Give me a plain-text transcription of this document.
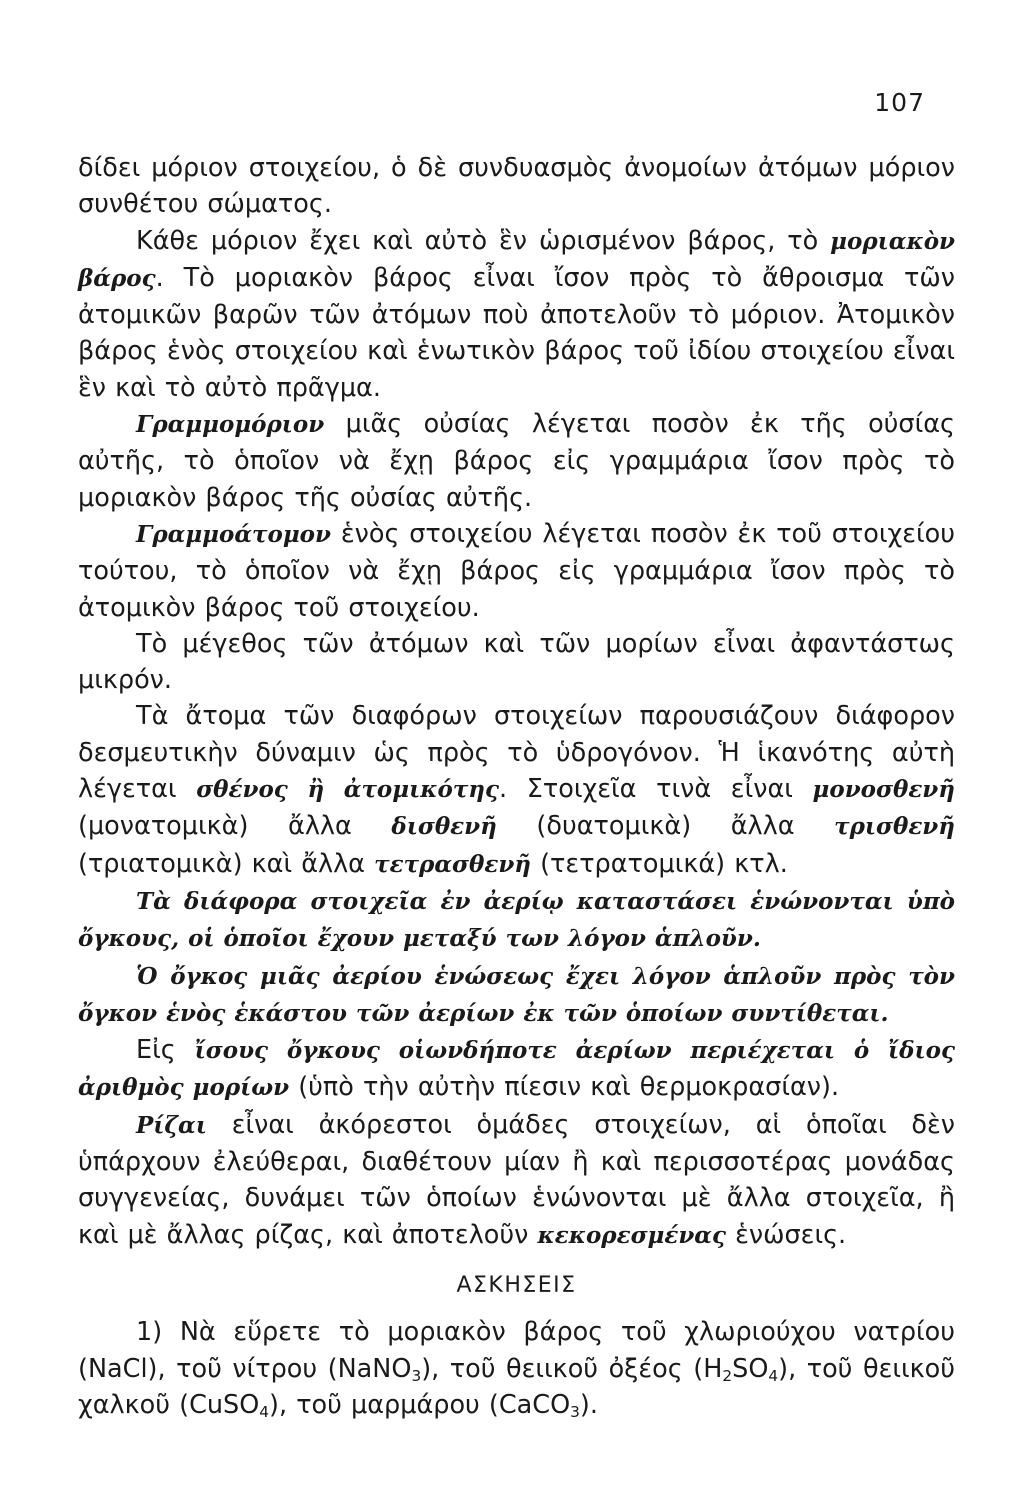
107

δίδει μόριον στοιχείου, ὁ δὲ συνδυασμὸς ἀνομοίων ἀτόμων μόριον συνθέτου σώματος.

Κάθε μόριον ἔχει καὶ αὐτὸ ἓν ὡρισμένον βάρος, τὸ μοριακὸν βάρος. Τὸ μοριακὸν βάρος εἶναι ἴσον πρὸς τὸ ἄθροισμα τῶν ἀτομικῶν βαρῶν τῶν ἀτόμων ποὺ ἀποτελοῦν τὸ μόριον. Ἀτομικὸν βάρος ἑνὸς στοιχείου καὶ ἑνωτικὸν βάρος τοῦ ἰδίου στοιχείου εἶναι ἓν καὶ τὸ αὐτὸ πρᾶγμα.

Γραμμομόριον μιᾶς οὐσίας λέγεται ποσὸν ἐκ τῆς οὐσίας αὐτῆς, τὸ ὁποῖον νὰ ἔχῃ βάρος εἰς γραμμάρια ἴσον πρὸς τὸ μοριακὸν βάρος τῆς οὐσίας αὐτῆς.

Γραμμοάτομον ἑνὸς στοιχείου λέγεται ποσὸν ἐκ τοῦ στοιχείου τούτου, τὸ ὁποῖον νὰ ἔχῃ βάρος εἰς γραμμάρια ἴσον πρὸς τὸ ἀτομικὸν βάρος τοῦ στοιχείου.

Τὸ μέγεθος τῶν ἀτόμων καὶ τῶν μορίων εἶναι ἀφαντάστως μικρόν.

Τὰ ἄτομα τῶν διαφόρων στοιχείων παρουσιάζουν διάφορον δεσμευτικὴν δύναμιν ὡς πρὸς τὸ ὑδρογόνον. Ἡ ἱκανότης αὐτὴ λέγεται σθένος ἢ ἀτομικότης. Στοιχεῖα τινὰ εἶναι μονοσθενῆ (μονατομικὰ) ἄλλα δισθενῆ (δυατομικὰ) ἄλλα τρισθενῆ (τριατομικὰ) καὶ ἄλλα τετρασθενῆ (τετρατομικά) κτλ.

Τὰ διάφορα στοιχεῖα ἐν ἀερίῳ καταστάσει ἑνώνονται ὑπὸ ὄγκους, οἱ ὁποῖοι ἔχουν μεταξύ των λόγον ἁπλοῦν.

Ὁ ὄγκος μιᾶς ἀερίου ἑνώσεως ἔχει λόγον ἁπλοῦν πρὸς τὸν ὄγκον ἑνὸς ἑκάστου τῶν ἀερίων ἐκ τῶν ὁποίων συντίθεται.

Εἰς ἴσους ὄγκους οἱωνδήποτε ἀερίων περιέχεται ὁ ἴδιος ἀριθμὸς μορίων (ὑπὸ τὴν αὐτὴν πίεσιν καὶ θερμοκρασίαν).

Ρίζαι εἶναι ἀκόρεστοι ὁμάδες στοιχείων, αἱ ὁποῖαι δὲν ὑπάρχουν ἐλεύθεραι, διαθέτουν μίαν ἢ καὶ περισσοτέρας μονάδας συγγενείας, δυνάμει τῶν ὁποίων ἑνώνονται μὲ ἄλλα στοιχεῖα, ἢ καὶ μὲ ἄλλας ρίζας, καὶ ἀποτελοῦν κεκορεσμένας ἑνώσεις.

ΑΣΚΗΣΕΙΣ

1) Νὰ εὕρετε τὸ μοριακὸν βάρος τοῦ χλωριούχου νατρίου (NaCl), τοῦ νίτρου (NaNO$_3$), τοῦ θειικοῦ ὀξέος $(H_2SO_4)$, τοῦ θειικοῦ χαλκοῦ (CuSO$_4$), τοῦ μαρμάρου (CaCO$_3$).
